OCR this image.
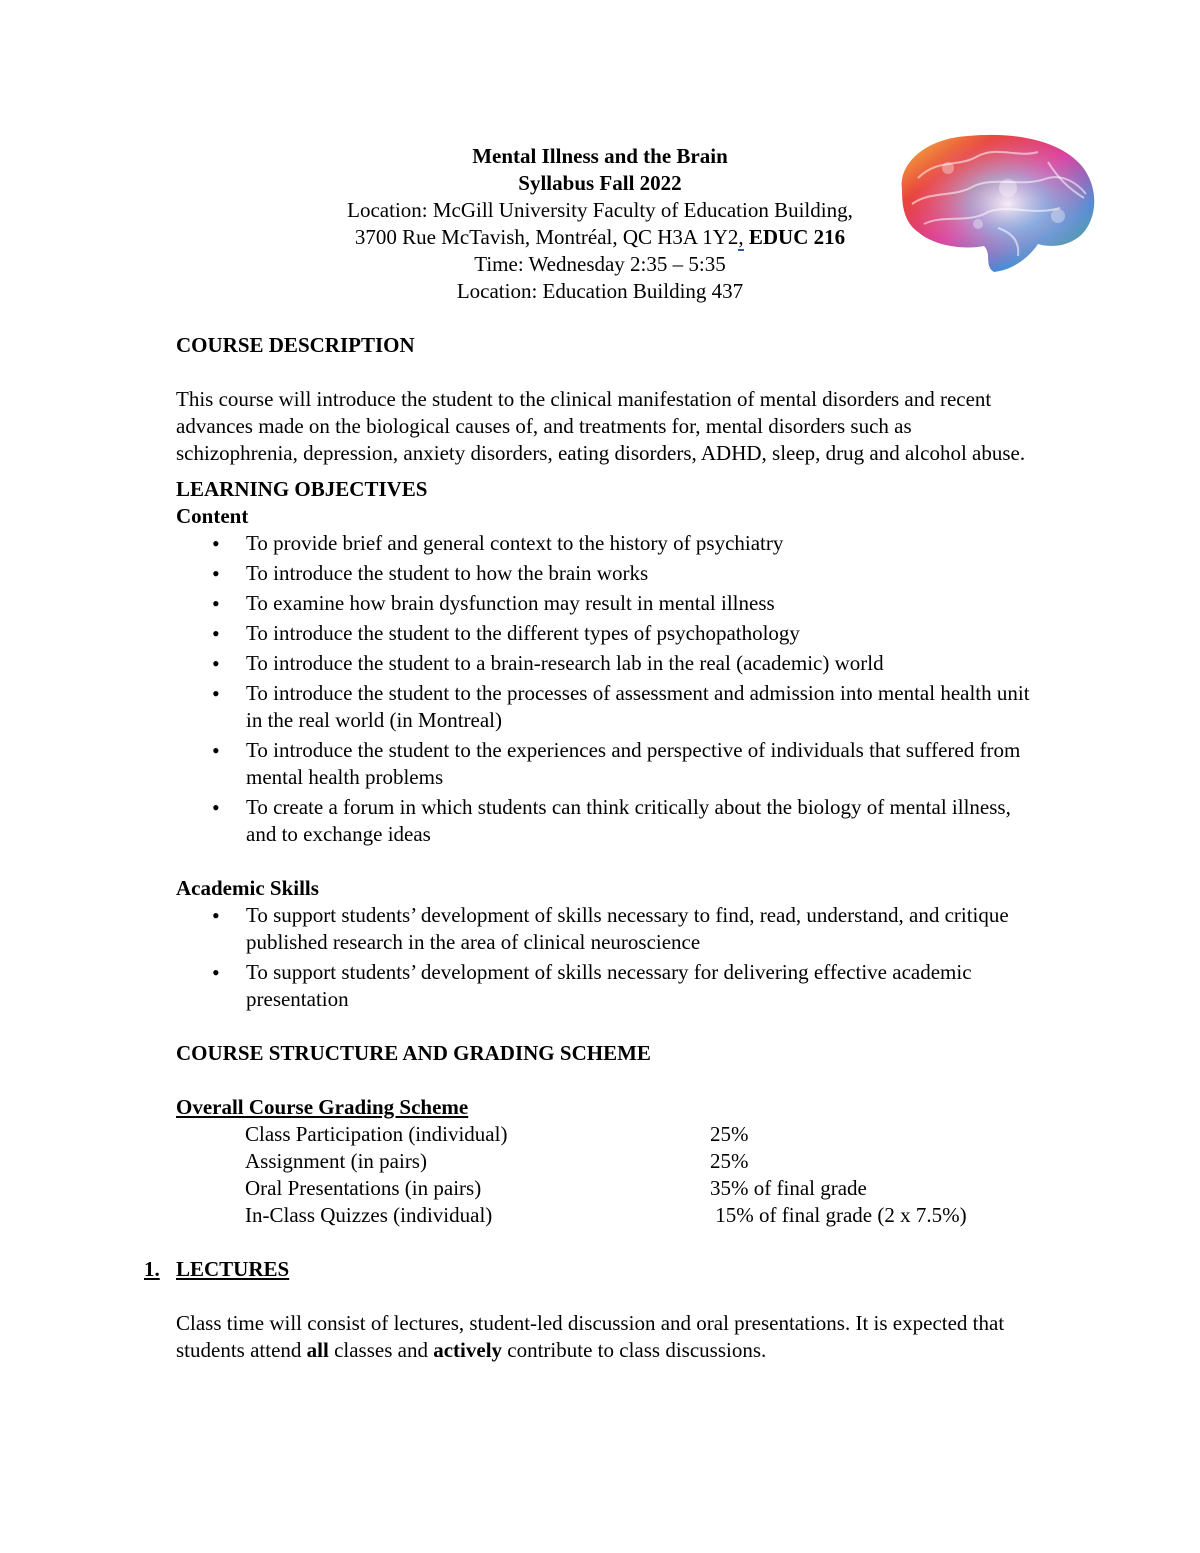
Mental Illness and the Brain
Syllabus Fall 2022
Location: McGill University Faculty of Education Building,
3700 Rue McTavish, Montréal, QC H3A 1Y2, EDUC 216
Time: Wednesday 2:35 – 5:35
Location: Education Building 437
COURSE DESCRIPTION

This course will introduce the student to the clinical manifestation of mental disorders and recent advances made on the biological causes of, and treatments for, mental disorders such as schizophrenia, depression, anxiety disorders, eating disorders, ADHD, sleep, drug and alcohol abuse.

LEARNING OBJECTIVES
Content
• To provide brief and general context to the history of psychiatry
• To introduce the student to how the brain works
• To examine how brain dysfunction may result in mental illness
• To introduce the student to the different types of psychopathology
• To introduce the student to a brain-research lab in the real (academic) world
• To introduce the student to the processes of assessment and admission into mental health unit in the real world (in Montreal)
• To introduce the student to the experiences and perspective of individuals that suffered from mental health problems
• To create a forum in which students can think critically about the biology of mental illness, and to exchange ideas
Academic Skills
• To support students’ development of skills necessary to find, read, understand, and critique published research in the area of clinical neuroscience
• To support students’ development of skills necessary for delivering effective academic presentation
COURSE STRUCTURE AND GRADING SCHEME
Overall Course Grading Scheme
Class Participation (individual)	25%
Assignment (in pairs)	25%
Oral Presentations (in pairs)	35% of final grade
In-Class Quizzes (individual)	15% of final grade (2 x 7.5%)
1. LECTURES

Class time will consist of lectures, student-led discussion and oral presentations. It is expected that students attend all classes and actively contribute to class discussions.
